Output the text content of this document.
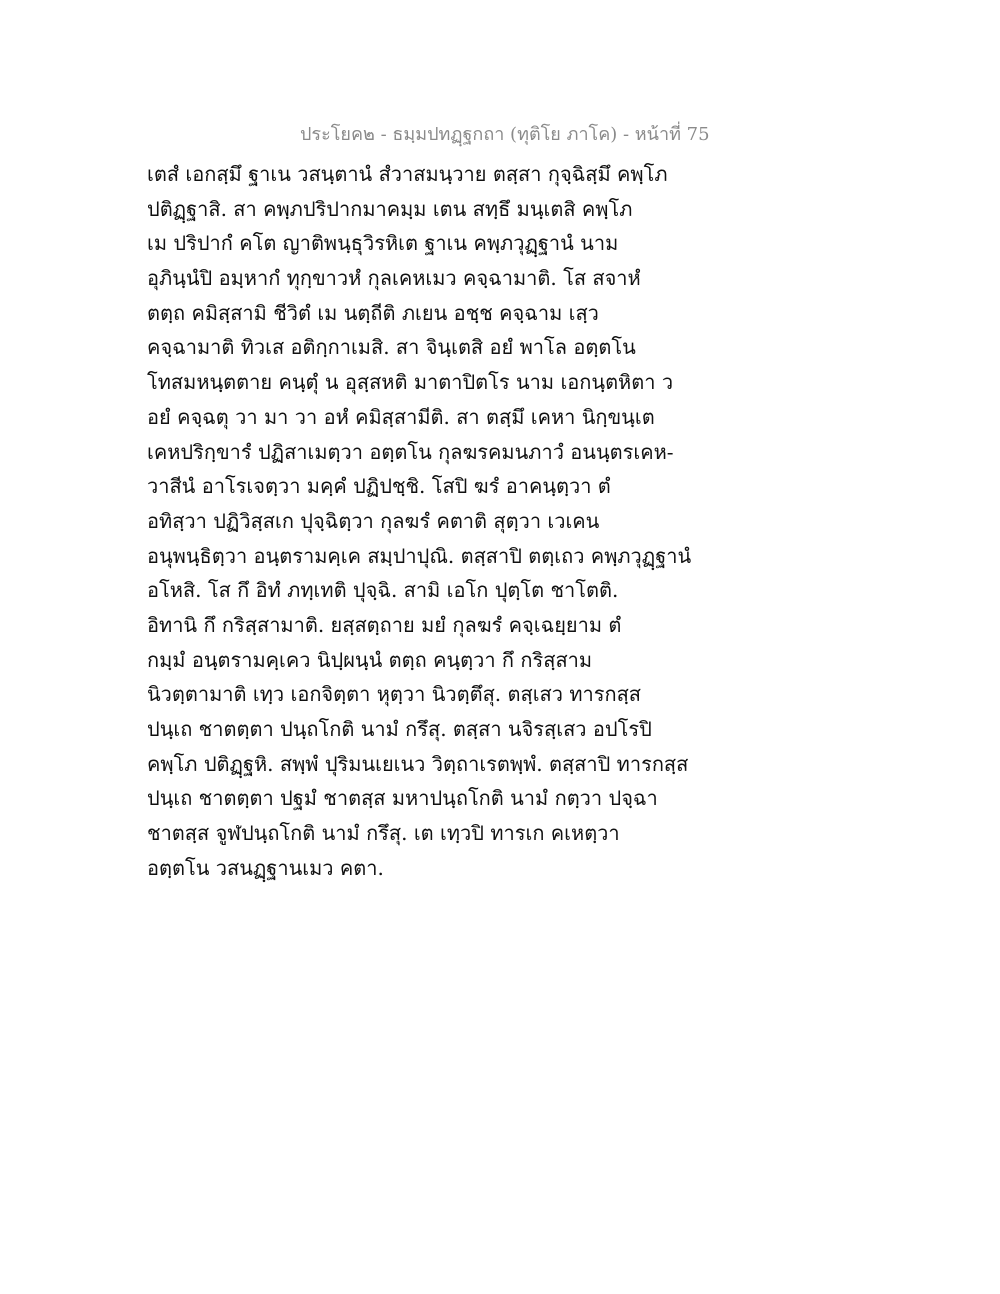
ประโยค๒ - ธมฺมปทฏฺฐกถา (ทุติโย ภาโค) - หน้าที่ 75
เตสํ เอกสฺมึ ฐาเน วสนฺตานํ สํวาสมนฺวาย ตสฺสา กุจฺฉิสฺมึ คพฺโภ
ปติฏฺฐาสิ. สา คพฺภปริปากมาคมฺม เตน สทฺธึ มนฺเตสิ คพฺโภ
เม ปริปากํ คโต ญาติพนฺธุวิรหิเต ฐาเน คพฺภวุฏฺฐานํ นาม
อุภินฺนํปิ อมฺหากํ ทุกฺขาวหํ กุลเคหเมว คจฺฉามาติ. โส สจาหํ
ตตฺถ คมิสฺสามิ ชีวิตํ เม นตฺถีติ ภเยน อชฺช คจฺฉาม เสฺว
คจฺฉามาติ ทิวเส อติกฺกาเมสิ. สา จินฺเตสิ อยํ พาโล อตฺตโน
โทสมหนฺตตาย คนฺตุํ น อุสฺสหติ มาตาปิตโร นาม เอกนฺตหิตา ว
อยํ คจฺฉตุ วา มา วา อหํ คมิสฺสามีติ. สา ตสฺมึ เคหา นิกฺขนฺเต
เคหปริกฺขารํ ปฏิสาเมตฺวา อตฺตโน กุลฆรคมนภาวํ อนนฺตรเคห-
วาสีนํ อาโรเจตฺวา มคฺคํ ปฏิปชฺชิ. โสปิ ฆรํ อาคนฺตฺวา ตํ
อทิสฺวา ปฏิวิสฺสเก ปุจฺฉิตฺวา กุลฆรํ คตาติ สุตฺวา เวเคน
อนุพนฺธิตฺวา อนฺตรามคฺเค สมฺปาปุณิ. ตสฺสาปิ ตตฺเถว คพฺภวุฏฺฐานํ
อโหสิ. โส กึ อิทํ ภทฺเทติ ปุจฺฉิ. สามิ เอโก ปุตฺโต ชาโตติ.
อิทานิ กึ กริสฺสามาติ. ยสฺสตฺถาย มยํ กุลฆรํ คจฺเฉยฺยาม ตํ
กมฺมํ อนฺตรามคฺเคว นิปฺผนฺนํ ตตฺถ คนฺตฺวา กึ กริสฺสาม
นิวตฺตามาติ เทฺว เอกจิตฺตา หุตฺวา นิวตฺตึสุ. ตสฺเสว ทารกสฺส
ปนฺเถ ชาตตฺตา ปนฺถโกติ นามํ กรึสุ. ตสฺสา นจิรสฺเสว อปโรปิ
คพฺโภ ปติฏฺฐหิ. สพฺพํ ปุริมนเยเนว วิตฺถาเรตพฺพํ. ตสฺสาปิ ทารกสฺส
ปนฺเถ ชาตตฺตา ปฐมํ ชาตสฺส มหาปนฺถโกติ นามํ กตฺวา ปจฺฉา
ชาตสฺส จูฬปนฺถโกติ นามํ กรึสุ. เต เทฺวปิ ทารเก คเหตฺวา
อตฺตโน วสนฏฺฐานเมว คตา.
